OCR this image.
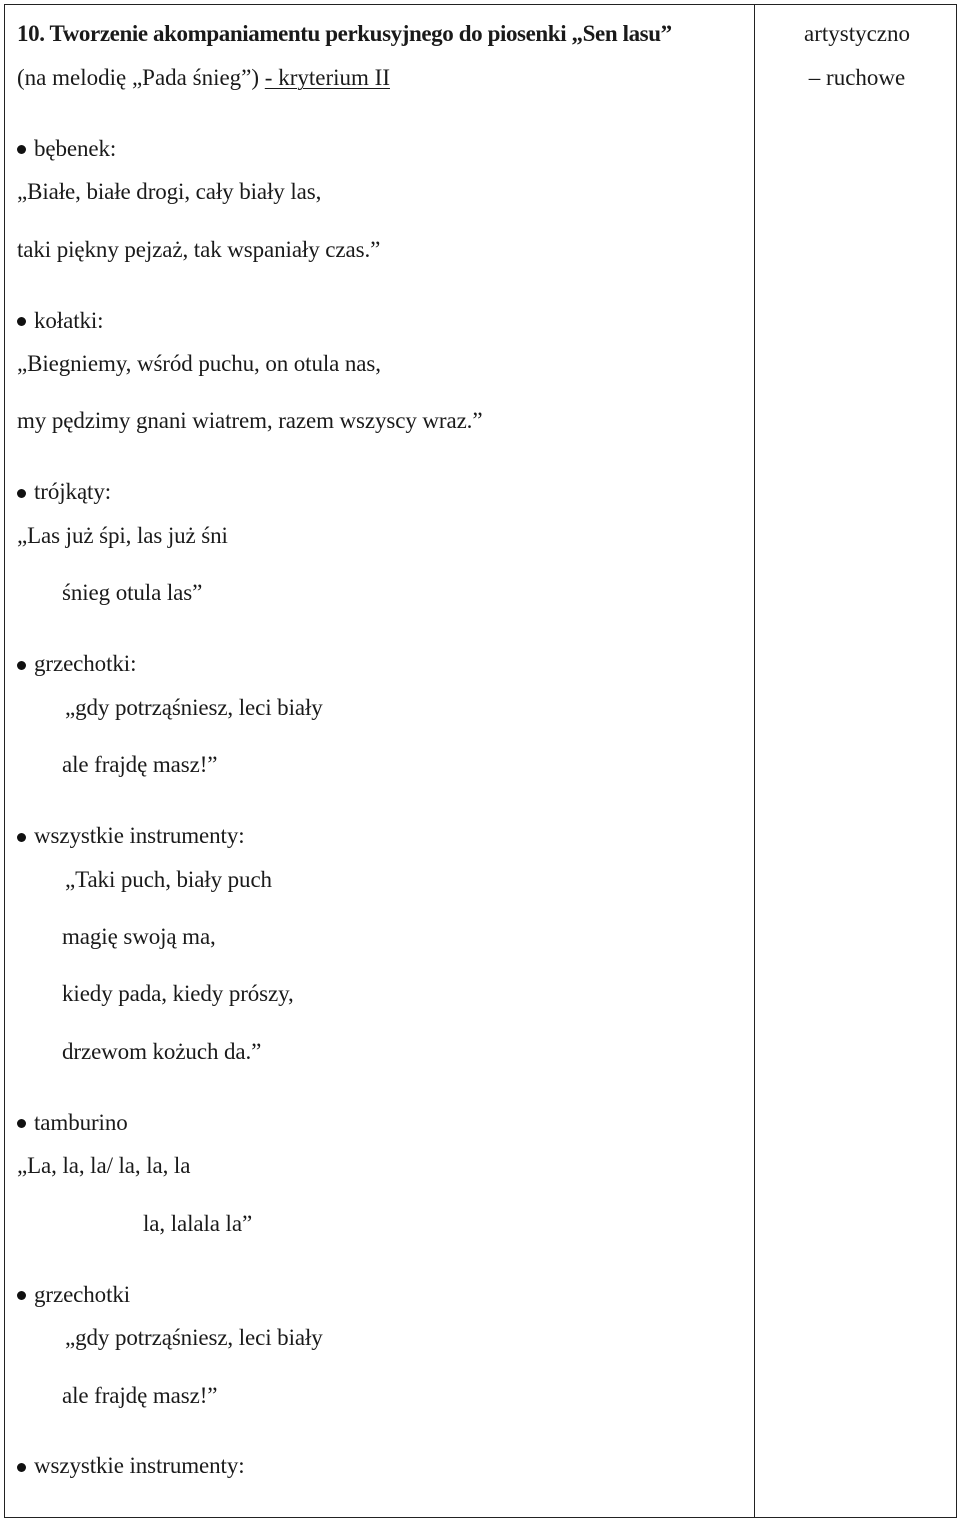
10. Tworzenie akompaniamentu perkusyjnego do piosenki „Sen lasu”
(na melodię „Pada śnieg”) - kryterium II
bębenek:
„Białe, białe drogi, cały biały las,
taki piękny pejzaż, tak wspaniały czas.”
kołatki:
„Biegniemy, wśród puchu, on otula nas,
my pędzimy gnani wiatrem, razem wszyscy wraz.”
trójkąty:
„Las już śpi, las już śni
śnieg otula las”
grzechotki:
„gdy potrząśniesz, leci biały
ale frajdę masz!”
wszystkie instrumenty:
„Taki puch, biały puch
magię swoją ma,
kiedy pada, kiedy prószy,
drzewom kożuch da.”
tamburino
„La, la, la/ la, la, la
la, lalala la”
grzechotki
„gdy potrząśniesz, leci biały
ale frajdę masz!”
wszystkie instrumenty:
artystyczno
– ruchowe
